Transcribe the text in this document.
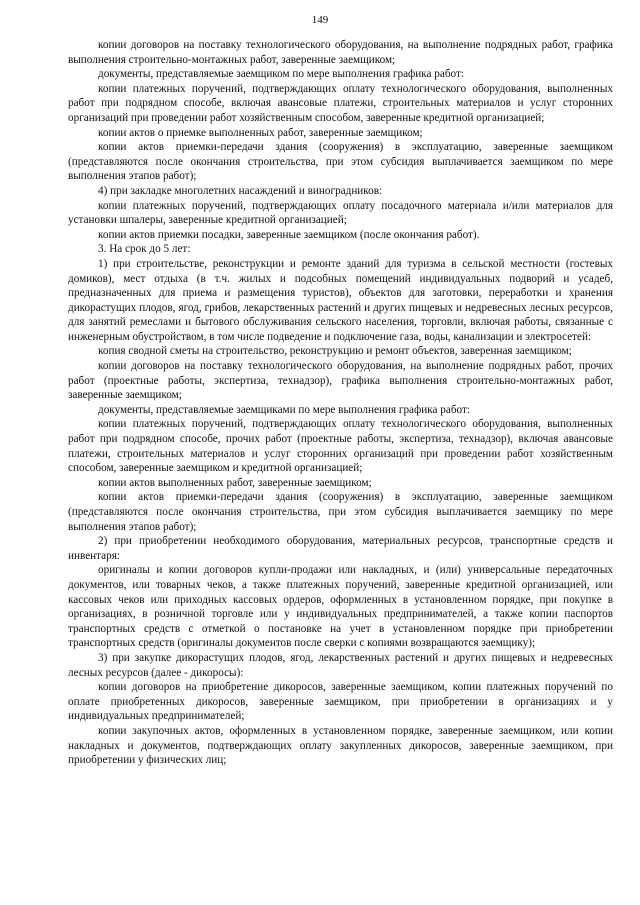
149

копии договоров на поставку технологического оборудования, на выполнение подрядных работ, графика выполнения строительно-монтажных работ, заверенные заемщиком;

документы, представляемые заемщиком по мере выполнения графика работ:

копии платежных поручений, подтверждающих оплату технологического оборудования, выполненных работ при подрядном способе, включая авансовые платежи, строительных материалов и услуг сторонних организаций при проведении работ хозяйственным способом, заверенные кредитной организацией;

копии актов о приемке выполненных работ, заверенные заемщиком;

копии актов приемки-передачи здания (сооружения) в эксплуатацию, заверенные заемщиком (представляются после окончания строительства, при этом субсидия выплачивается заемщиком по мере выполнения этапов работ);

4) при закладке многолетних насаждений и виноградников:

копии платежных поручений, подтверждающих оплату посадочного материала и/или материалов для установки шпалеры, заверенные кредитной организацией;

копии актов приемки посадки, заверенные заемщиком (после окончания работ).

3. На срок до 5 лет:

1) при строительстве, реконструкции и ремонте зданий для туризма в сельской местности (гостевых домиков), мест отдыха (в т.ч. жилых и подсобных помещений индивидуальных подворий и усадеб, предназначенных для приема и размещения туристов), объектов для заготовки, переработки и хранения дикорастущих плодов, ягод, грибов, лекарственных растений и других пищевых и недревесных лесных ресурсов, для занятий ремеслами и бытового обслуживания сельского населения, торговли, включая работы, связанные с инженерным обустройством, в том числе подведение и подключение газа, воды, канализации и электросетей:

копия сводной сметы на строительство, реконструкцию и ремонт объектов, заверенная заемщиком;

копии договоров на поставку технологического оборудования, на выполнение подрядных работ, прочих работ (проектные работы, экспертиза, технадзор), графика выполнения строительно-монтажных работ, заверенные заемщиком;

документы, представляемые заемщиками по мере выполнения графика работ:

копии платежных поручений, подтверждающих оплату технологического оборудования, выполненных работ при подрядном способе, прочих работ (проектные работы, экспертиза, технадзор), включая авансовые платежи, строительных материалов и услуг сторонних организаций при проведении работ хозяйственным способом, заверенные заемщиком и кредитной организацией;

копии актов выполненных работ, заверенные заемщиком;

копии актов приемки-передачи здания (сооружения) в эксплуатацию, заверенные заемщиком (представляются после окончания строительства, при этом субсидия выплачивается заемщику по мере выполнения этапов работ);

2) при приобретении необходимого оборудования, материальных ресурсов, транспортные средств и инвентаря:

оригиналы и копии договоров купли-продажи или накладных, и (или) универсальные передаточных документов, или товарных чеков, а также платежных поручений, заверенные кредитной организацией, или кассовых чеков или приходных кассовых ордеров, оформленных в установленном порядке, при покупке в организациях, в розничной торговле или у индивидуальных предпринимателей, а также копии паспортов транспортных средств с отметкой о постановке на учет в установленном порядке при приобретении транспортных средств (оригиналы документов после сверки с копиями возвращаются заемщику);

3) при закупке дикорастущих плодов, ягод, лекарственных растений и других пищевых и недревесных лесных ресурсов (далее - дикоросы):

копии договоров на приобретение дикоросов, заверенные заемщиком, копии платежных поручений по оплате приобретенных дикоросов, заверенные заемщиком, при приобретении в организациях и у индивидуальных предпринимателей;

копии закупочных актов, оформленных в установленном порядке, заверенные заемщиком, или копии накладных и документов, подтверждающих оплату закупленных дикоросов, заверенные заемщиком, при приобретении у физических лиц;
